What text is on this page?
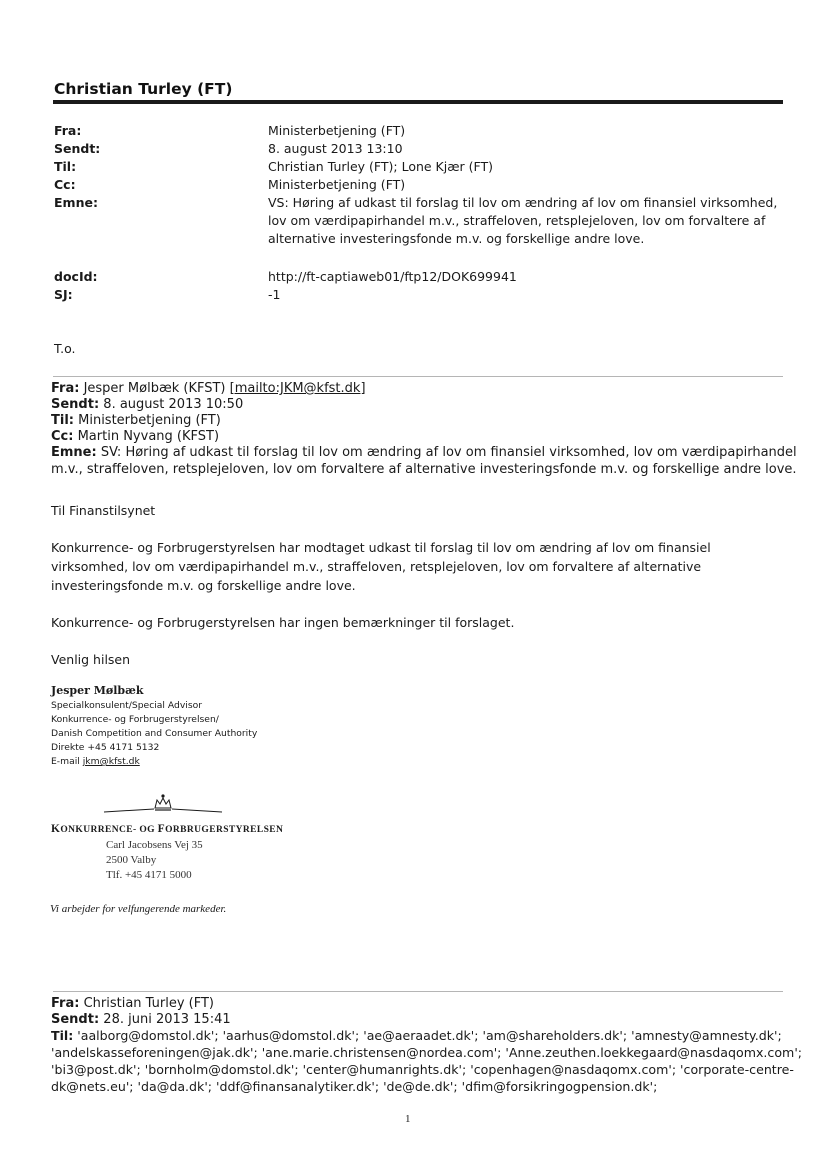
Christian Turley (FT)
Fra:	Ministerbetjening (FT)
Sendt:	8. august 2013 13:10
Til:	Christian Turley (FT); Lone Kjær (FT)
Cc:	Ministerbetjening (FT)
Emne:	VS: Høring af udkast til forslag til lov om ændring af lov om finansiel virksomhed,
lov om værdipapirhandel m.v., straffeloven, retsplejeloven, lov om forvaltere af
alternative investeringsfonde m.v. og forskellige andre love.
docId:	http://ft-captiaweb01/ftp12/DOK699941
SJ:	-1
T.o.
Fra: Jesper Mølbæk (KFST) [mailto:JKM@kfst.dk]
Sendt: 8. august 2013 10:50
Til: Ministerbetjening (FT)
Cc: Martin Nyvang (KFST)
Emne: SV: Høring af udkast til forslag til lov om ændring af lov om finansiel virksomhed, lov om værdipapirhandel
m.v., straffeloven, retsplejeloven, lov om forvaltere af alternative investeringsfonde m.v. og forskellige andre love.
Til Finanstilsynet
Konkurrence- og Forbrugerstyrelsen har modtaget udkast til forslag til lov om ændring af lov om finansiel
virksomhed, lov om værdipapirhandel m.v., straffeloven, retsplejeloven, lov om forvaltere af alternative
investeringsfonde m.v. og forskellige andre love.
Konkurrence- og Forbrugerstyrelsen har ingen bemærkninger til forslaget.
Venlig hilsen
Jesper Mølbæk
Specialkonsulent/Special Advisor
Konkurrence- og Forbrugerstyrelsen/
Danish Competition and Consumer Authority
Direkte +45 4171 5132
E-mail jkm@kfst.dk
KONKURRENCE- OG FORBRUGERSTYRELSEN
Carl Jacobsens Vej 35
2500 Valby
Tlf. +45 4171 5000
Vi arbejder for velfungerende markeder.
Fra: Christian Turley (FT)
Sendt: 28. juni 2013 15:41
Til: 'aalborg@domstol.dk'; 'aarhus@domstol.dk'; 'ae@aeraadet.dk'; 'am@shareholders.dk'; 'amnesty@amnesty.dk';
'andelskasseforeningen@jak.dk'; 'ane.marie.christensen@nordea.com'; 'Anne.zeuthen.loekkegaard@nasdaqomx.com';
'bi3@post.dk'; 'bornholm@domstol.dk'; 'center@humanrights.dk'; 'copenhagen@nasdaqomx.com'; 'corporate-centre-
dk@nets.eu'; 'da@da.dk'; 'ddf@finansanalytiker.dk'; 'de@de.dk'; 'dfim@forsikringogpension.dk';
1
